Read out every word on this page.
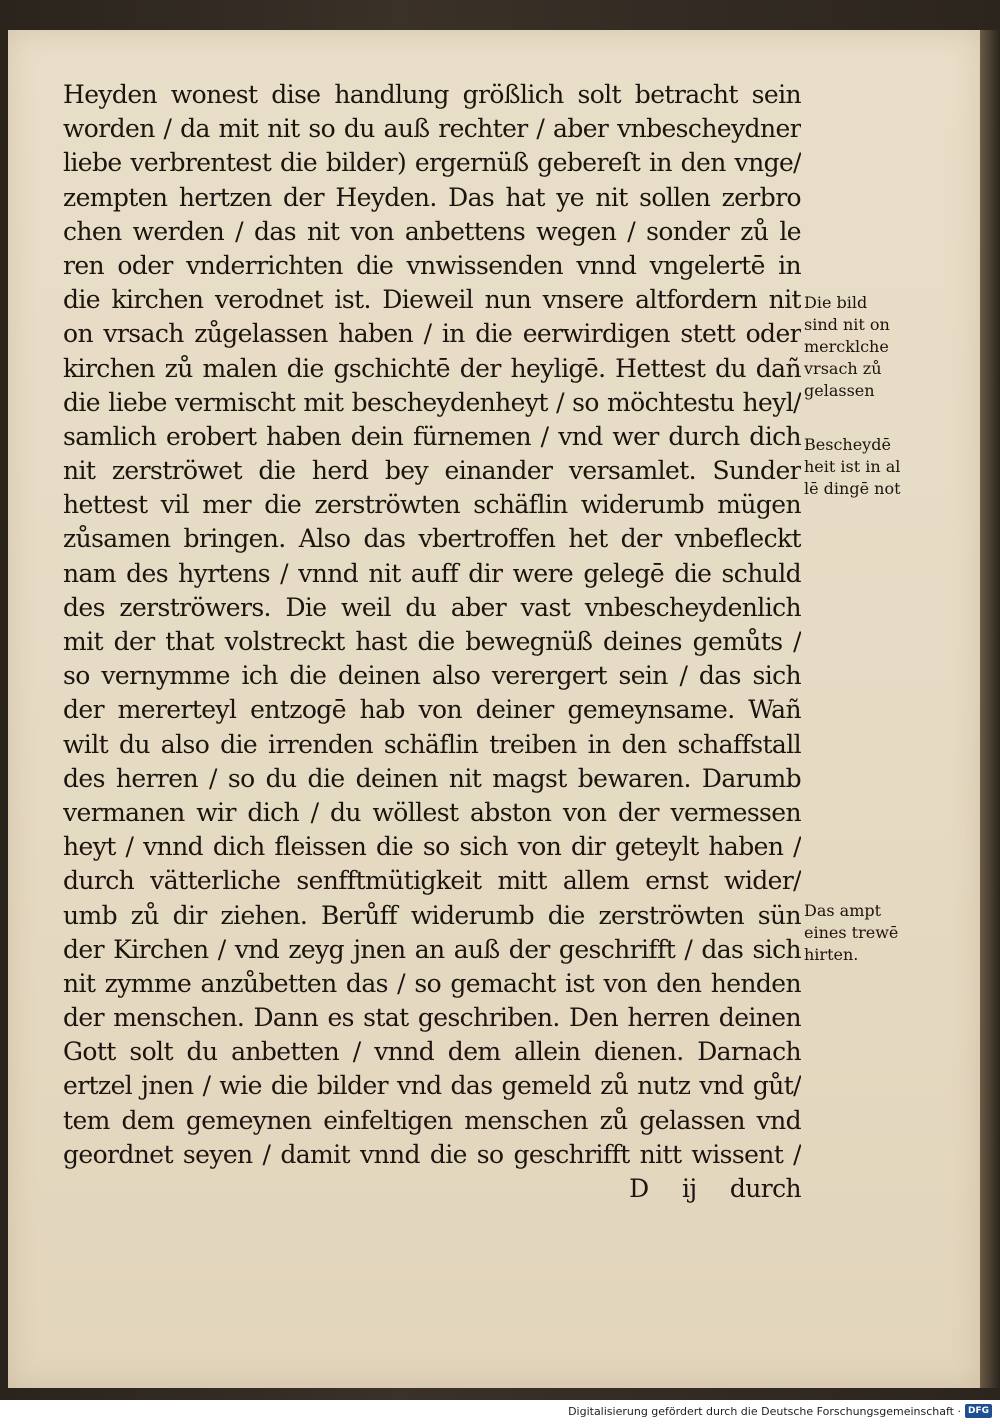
Heyden wonest dise handlung größlich solt betracht sein
worden / da mit nit so du auß rechter / aber vnbescheydner
liebe verbrentest die bilder) ergernüß gebereſt in den vnge/
zempten hertzen der Heyden. Das hat ye nit sollen zerbro
chen werden / das nit von anbettens wegen / sonder zů le
ren oder vnderrichten die vnwissenden vnnd vngelertē in
die kirchen verodnet ist. Dieweil nun vnsere altfordern nit
on vrsach zůgelassen haben / in die eerwirdigen stett oder
kirchen zů malen die gschichtē der heyligē. Hettest du dañ
die liebe vermischt mit bescheydenheyt / so möchtestu heyl/
samlich erobert haben dein fürnemen / vnd wer durch dich
nit zerströwet die herd bey einander versamlet. Sunder
hettest vil mer die zerströwten schäflin widerumb mügen
zůsamen bringen. Also das vbertroffen het der vnbefleckt
nam des hyrtens / vnnd nit auff dir were gelegē die schuld
des zerströwers. Die weil du aber vast vnbescheydenlich
mit der that volstreckt hast die bewegnüß deines gemůts /
so vernymme ich die deinen also verergert sein / das sich
der mererteyl entzogē hab von deiner gemeynsame. Wañ
wilt du also die irrenden schäflin treiben in den schaffstall
des herren / so du die deinen nit magst bewaren. Darumb
vermanen wir dich / du wöllest abston von der vermessen
heyt / vnnd dich fleissen die so sich von dir geteylt haben /
durch vätterliche senfftmütigkeit mitt allem ernst wider/
umb zů dir ziehen. Berůff widerumb die zerströwten sün
der Kirchen / vnd zeyg jnen an auß der geschrifft / das sich
nit zymme anzůbetten das / so gemacht ist von den henden
der menschen. Dann es stat geschriben. Den herren deinen
Gott solt du anbetten / vnnd dem allein dienen. Darnach
ertzel jnen / wie die bilder vnd das gemeld zů nutz vnd gůt/
tem dem gemeynen einfeltigen menschen zů gelassen vnd
geordnet seyen / damit vnnd die so geschrifft nitt wissent /
D ij durch
Die bild
sind nit on
mercklche
vrsach zů
gelassen
Bescheydē
heit ist in al
lē dingē not
Das ampt
eines trewē
hirten.
Digitalisierung gefördert durch die Deutsche Forschungsgemeinschaft · DFG
